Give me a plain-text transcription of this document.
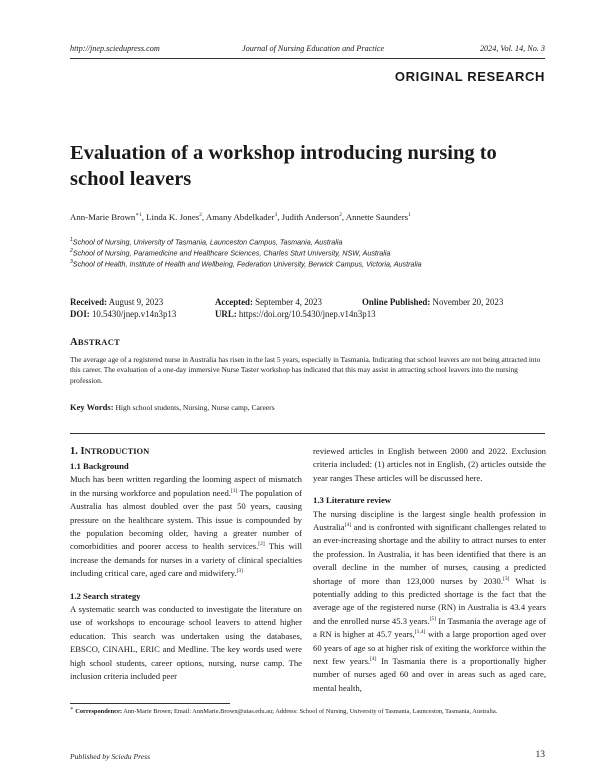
http://jnep.sciedupress.com	Journal of Nursing Education and Practice	2024, Vol. 14, No. 3
ORIGINAL RESEARCH
Evaluation of a workshop introducing nursing to
school leavers
Ann-Marie Brown$^{∗1}$, Linda K. Jones$^2$, Amany Abdelkader$^3$, Judith Anderson$^2$, Annette Saunders$^1$
$^1$School of Nursing, University of Tasmania, Launceston Campus, Tasmania, Australia
$^2$School of Nursing, Paramedicine and Healthcare Sciences, Charles Sturt University, NSW, Australia
$^3$School of Health, Institute of Health and Wellbeing, Federation University, Berwick Campus, Victoria, Australia
Received: August 9, 2023	Accepted: September 4, 2023	Online Published: November 20, 2023
DOI: 10.5430/jnep.v14n3p13	URL: https://doi.org/10.5430/jnep.v14n3p13
ABSTRACT

The average age of a registered nurse in Australia has risen in the last 5 years, especially in Tasmania. Indicating that school leavers are not being attracted into this career. The evaluation of a one-day immersive Nurse Taster workshop has indicated that this may assist in attracting school leavers into the nursing profession.

Key Words: High school students, Nursing, Nurse camp, Careers
1. INTRODUCTION
1.1 Background

Much has been written regarding the looming aspect of mismatch in the nursing workforce and population need.[1] The population of Australia has almost doubled over the past 50 years, causing pressure on the healthcare system. This issue is compounded by the population becoming older, having a greater number of comorbidities and poorer access to health services.[2] This will increase the demands for nurses in a variety of clinical specialties including critical care, aged care and midwifery.[3]

1.2 Search strategy

A systematic search was conducted to investigate the literature on use of workshops to encourage school leavers to attend higher education. This search was undertaken using the databases, EBSCO, CINAHL, ERIC and Medline. The key words used were high school students, career options, nursing, nurse camp. The inclusion criteria included peer

reviewed articles in English between 2000 and 2022. Exclusion criteria included: (1) articles not in English, (2) articles outside the year ranges These articles will be discussed here.

1.3 Literature review

The nursing discipline is the largest single health profession in Australia[4] and is confronted with significant challenges related to an ever-increasing shortage and the ability to attract nurses to enter the profession. In Australia, it has been identified that there is an overall decline in the number of nurses, causing a predicted shortage of more than 123,000 nurses by 2030.[3] What is potentially adding to this predicted shortage is the fact that the average age of the registered nurse (RN) in Australia is 43.4 years and the enrolled nurse 45.3 years.[5] In Tasmania the average age of a RN is higher at 45.7 years,[1,4] with a large proportion aged over 60 years of age so at higher risk of exiting the workforce within the next few years.[4] In Tasmania there is a proportionally higher number of nurses aged 60 and over in areas such as aged care, mental health,

∗ Correspondence: Ann-Marie Brown; Email: AnnMarie.Brown@utas.edu.au; Address: School of Nursing, University of Tasmania, Launceston, Tasmania, Australia.
Published by Sciedu Press	13
